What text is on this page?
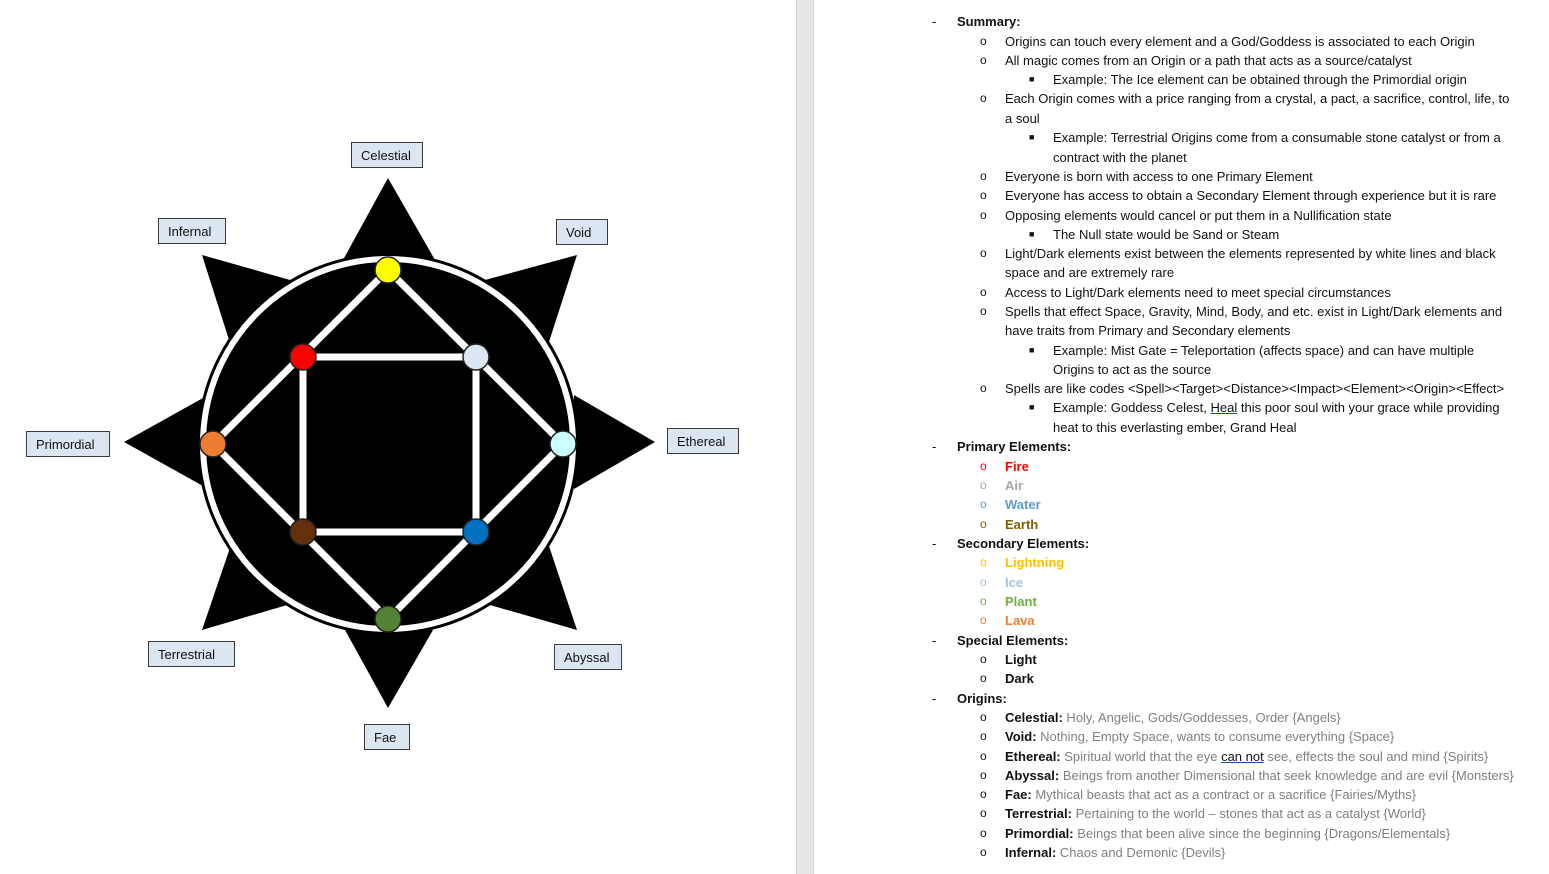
Celestial
Infernal	Void
Primordial	Ethereal
Terrestrial	Abyssal
Fae
- Summary:
o Origins can touch every element and a God/Goddess is associated to each Origin
o All magic comes from an Origin or a path that acts as a source/catalyst
■ Example: The Ice element can be obtained through the Primordial origin
o Each Origin comes with a price ranging from a crystal, a pact, a sacrifice, control, life, to
a soul
■ Example: Terrestrial Origins come from a consumable stone catalyst or from a
contract with the planet
o Everyone is born with access to one Primary Element
o Everyone has access to obtain a Secondary Element through experience but it is rare
o Opposing elements would cancel or put them in a Nullification state
■ The Null state would be Sand or Steam
o Light/Dark elements exist between the elements represented by white lines and black
space and are extremely rare
o Access to Light/Dark elements need to meet special circumstances
o Spells that effect Space, Gravity, Mind, Body, and etc. exist in Light/Dark elements and
have traits from Primary and Secondary elements
■ Example: Mist Gate = Teleportation (affects space) and can have multiple
Origins to act as the source
o Spells are like codes <Spell><Target><Distance><Impact><Element><Origin><Effect>
■ Example: Goddess Celest, Heal this poor soul with your grace while providing
heat to this everlasting ember, Grand Heal
- Primary Elements:
o Fire
o Air
o Water
o Earth
- Secondary Elements:
o Lightning
o Ice
o Plant
o Lava
- Special Elements:
o Light
o Dark
- Origins:
o Celestial: Holy, Angelic, Gods/Goddesses, Order {Angels}
o Void: Nothing, Empty Space, wants to consume everything {Space}
o Ethereal: Spiritual world that the eye can not see, effects the soul and mind {Spirits}
o Abyssal: Beings from another Dimensional that seek knowledge and are evil {Monsters}
o Fae: Mythical beasts that act as a contract or a sacrifice {Fairies/Myths}
o Terrestrial: Pertaining to the world – stones that act as a catalyst {World}
o Primordial: Beings that been alive since the beginning {Dragons/Elementals}
o Infernal: Chaos and Demonic {Devils}
